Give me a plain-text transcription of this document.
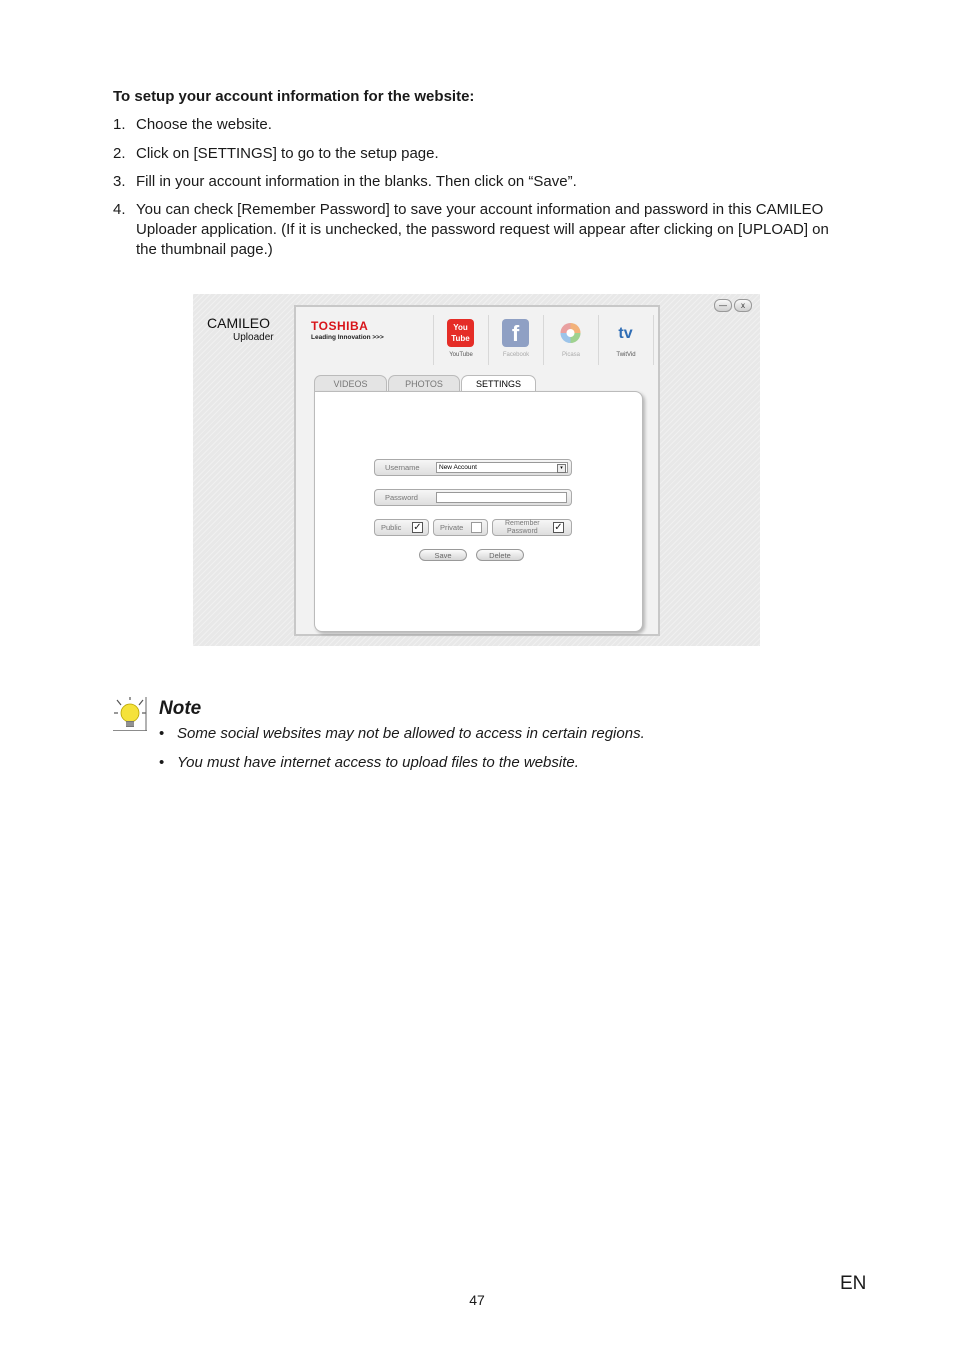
To setup your account information for the website:
1. Choose the website.
2. Click on [SETTINGS] to go to the setup page.
3. Fill in your account information in the blanks. Then click on “Save”.
4. You can check [Remember Password] to save your account information and password in this CAMILEO Uploader application. (If it is unchecked, the password request will appear after clicking on [UPLOAD] on the thumbnail page.)
CAMILEO
Uploader
—	x
TOSHIBA
Leading Innovation >>>
You Tube
YouTube
f
Facebook	Picasa
tv
TwitVid
VIDEOS	PHOTOS	SETTINGS
Username	New Account	▾
Password
Public ✓ Private	Remember
Password ✓
Save	Delete
Note
• Some social websites may not be allowed to access in certain regions.
• You must have internet access to upload files to the website.
EN
47
